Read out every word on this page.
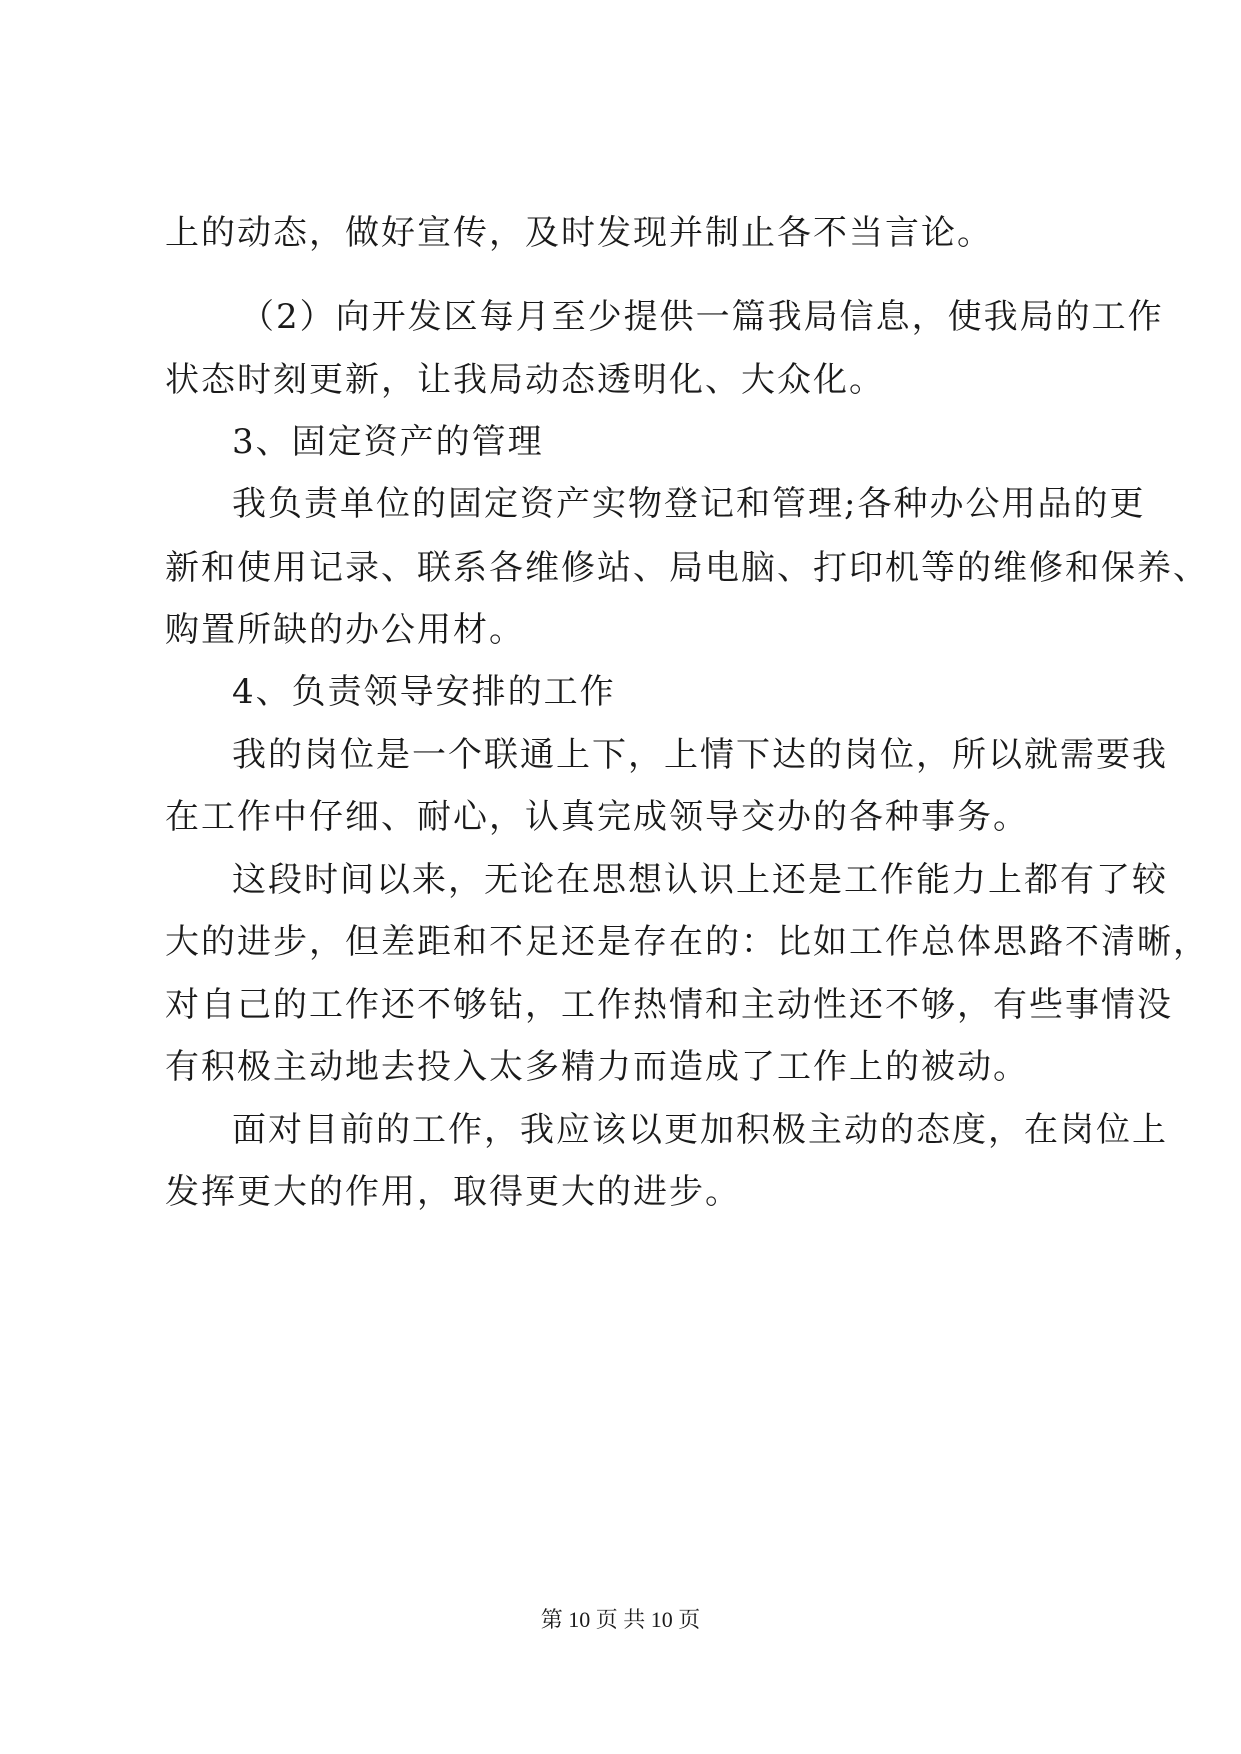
上的动态，做好宣传，及时发现并制止各不当言论。

（2）向开发区每月至少提供一篇我局信息，使我局的工作

状态时刻更新，让我局动态透明化、大众化。

3、固定资产的管理

我负责单位的固定资产实物登记和管理;各种办公用品的更

新和使用记录、联系各维修站、局电脑、打印机等的维修和保养、

购置所缺的办公用材。

4、负责领导安排的工作

我的岗位是一个联通上下，上情下达的岗位，所以就需要我

在工作中仔细、耐心，认真完成领导交办的各种事务。

这段时间以来，无论在思想认识上还是工作能力上都有了较

大的进步，但差距和不足还是存在的：比如工作总体思路不清晰，

对自己的工作还不够钻，工作热情和主动性还不够，有些事情没

有积极主动地去投入太多精力而造成了工作上的被动。

面对目前的工作，我应该以更加积极主动的态度，在岗位上

发挥更大的作用，取得更大的进步。

第 10 页 共 10 页
